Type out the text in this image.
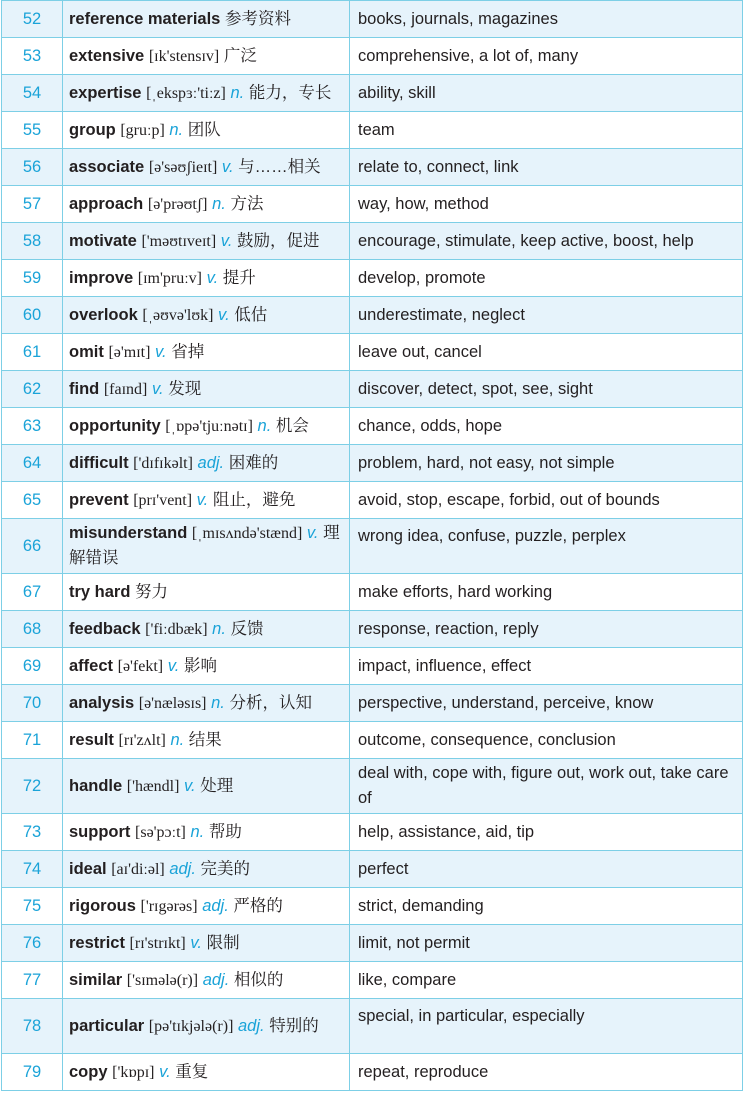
52	reference materials 参考资料	books, journals, magazines
53	extensive [ɪk'stensɪv] 广泛	comprehensive, a lot of, many
54	expertise [ˌekspɜː'tiːz] n. 能力，专长	ability, skill
55	group [gruːp] n. 团队	team
56	associate [ə'səʊʃieɪt] v. 与……相关	relate to, connect, link
57	approach [ə'prəʊtʃ] n. 方法	way, how, method
58	motivate ['məʊtɪveɪt] v. 鼓励，促进	encourage, stimulate, keep active, boost, help
59	improve [ɪm'pruːv] v. 提升	develop, promote
60	overlook [ˌəʊvə'lʊk] v. 低估	underestimate, neglect
61	omit [ə'mɪt] v. 省掉	leave out, cancel
62	find [faɪnd] v. 发现	discover, detect, spot, see, sight
63	opportunity [ˌɒpə'tjuːnətɪ] n. 机会	chance, odds, hope
64	difficult ['dɪfɪkəlt] adj. 困难的	problem, hard, not easy, not simple
65	prevent [prɪ'vent] v. 阻止，避免	avoid, stop, escape, forbid, out of bounds
66	misunderstand [ˌmɪsʌndə'stænd] v. 理解错误	wrong idea, confuse, puzzle, perplex
67	try hard 努力	make efforts, hard working
68	feedback ['fiːdbæk] n. 反馈	response, reaction, reply
69	affect [ə'fekt] v. 影响	impact, influence, effect
70	analysis [ə'næləsɪs] n. 分析，认知	perspective, understand, perceive, know
71	result [rɪ'zʌlt] n. 结果	outcome, consequence, conclusion
72	handle ['hændl] v. 处理	deal with, cope with, figure out, work out, take care of
73	support [sə'pɔːt] n. 帮助	help, assistance, aid, tip
74	ideal [aɪ'diːəl] adj. 完美的	perfect
75	rigorous ['rɪgərəs] adj. 严格的	strict, demanding
76	restrict [rɪ'strɪkt] v. 限制	limit, not permit
77	similar ['sɪmələ(r)] adj. 相似的	like, compare
78	particular [pə'tɪkjələ(r)] adj. 特别的	special, in particular, especially
79	copy ['kɒpɪ] v. 重复	repeat, reproduce
